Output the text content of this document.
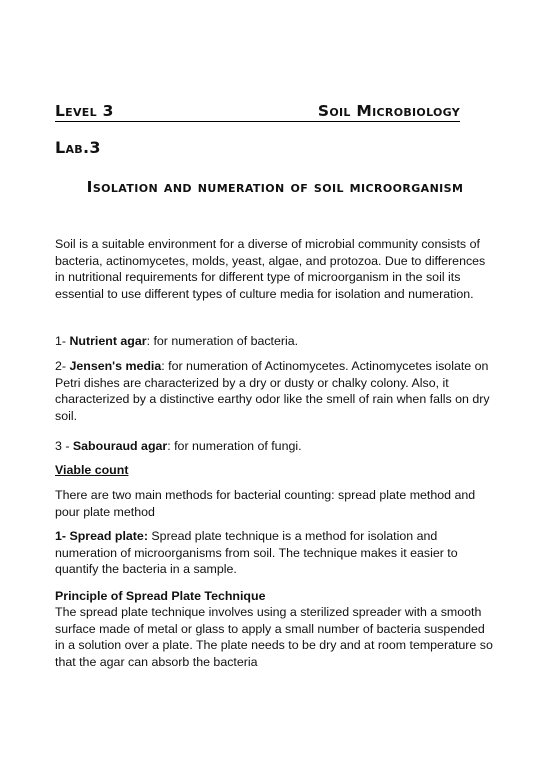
Level 3	Soil Microbiology
Lab.3
Isolation and numeration of soil microorganism
Soil is a suitable environment for a diverse of microbial community consists of bacteria, actinomycetes, molds, yeast, algae, and protozoa. Due to differences in nutritional requirements for different type of microorganism in the soil its essential to use different types of culture media for isolation and numeration.
1- Nutrient agar: for numeration of bacteria.
2- Jensen's media: for numeration of Actinomycetes. Actinomycetes isolate on Petri dishes are characterized by a dry or dusty or chalky colony. Also, it characterized by a distinctive earthy odor like the smell of rain when falls on dry soil.
3 - Sabouraud agar: for numeration of fungi.
Viable count
There are two main methods for bacterial counting: spread plate method and pour plate method
1- Spread plate: Spread plate technique is a method for isolation and numeration of microorganisms from soil. The technique makes it easier to quantify the bacteria in a sample.
Principle of Spread Plate Technique
The spread plate technique involves using a sterilized spreader with a smooth surface made of metal or glass to apply a small number of bacteria suspended in a solution over a plate. The plate needs to be dry and at room temperature so that the agar can absorb the bacteria
